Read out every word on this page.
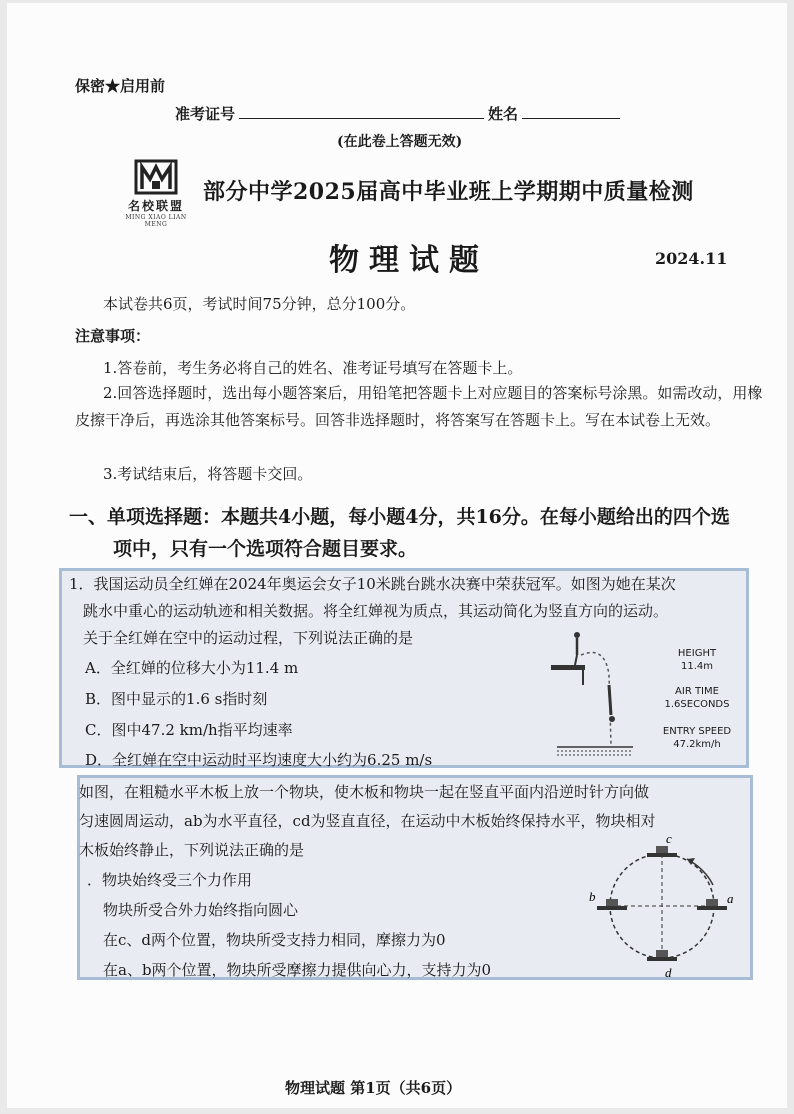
保密★启用前
准考证号	姓名
(在此卷上答题无效)
名校联盟
MING XIAO LIAN MENG
部分中学2025届高中毕业班上学期期中质量检测
物理试题	2024.11
本试卷共6页，考试时间75分钟，总分100分。
注意事项：
1.答卷前，考生务必将自己的姓名、准考证号填写在答题卡上。
2.回答选择题时，选出每小题答案后，用铅笔把答题卡上对应题目的答案标号涂黑。如需改动，用橡皮擦干净后，再选涂其他答案标号。回答非选择题时，将答案写在答题卡上。写在本试卷上无效。
3.考试结束后，将答题卡交回。
一、单项选择题：本题共4小题，每小题4分，共16分。在每小题给出的四个选
项中，只有一个选项符合题目要求。
1．我国运动员全红婵在2024年奥运会女子10米跳台跳水决赛中荣获冠军。如图为她在某次
跳水中重心的运动轨迹和相关数据。将全红婵视为质点，其运动简化为竖直方向的运动。
关于全红婵在空中的运动过程，下列说法正确的是
A．全红婵的位移大小为11.4 m
B．图中显示的1.6 s指时刻
C．图中47.2 km/h指平均速率
D．全红婵在空中运动时平均速度大小约为6.25 m/s
HEIGHT
11.4m
AIR TIME
1.6SECONDS
ENTRY SPEED
47.2km/h
如图，在粗糙水平木板上放一个物块，使木板和物块一起在竖直平面内沿逆时针方向做
匀速圆周运动，ab为水平直径，cd为竖直直径，在运动中木板始终保持水平，物块相对
木板始终静止，下列说法正确的是
．物块始终受三个力作用
物块所受合外力始终指向圆心
在c、d两个位置，物块所受支持力相同，摩擦力为0
在a、b两个位置，物块所受摩擦力提供向心力，支持力为0
c
d
b	a
物理试题 第1页（共6页）
